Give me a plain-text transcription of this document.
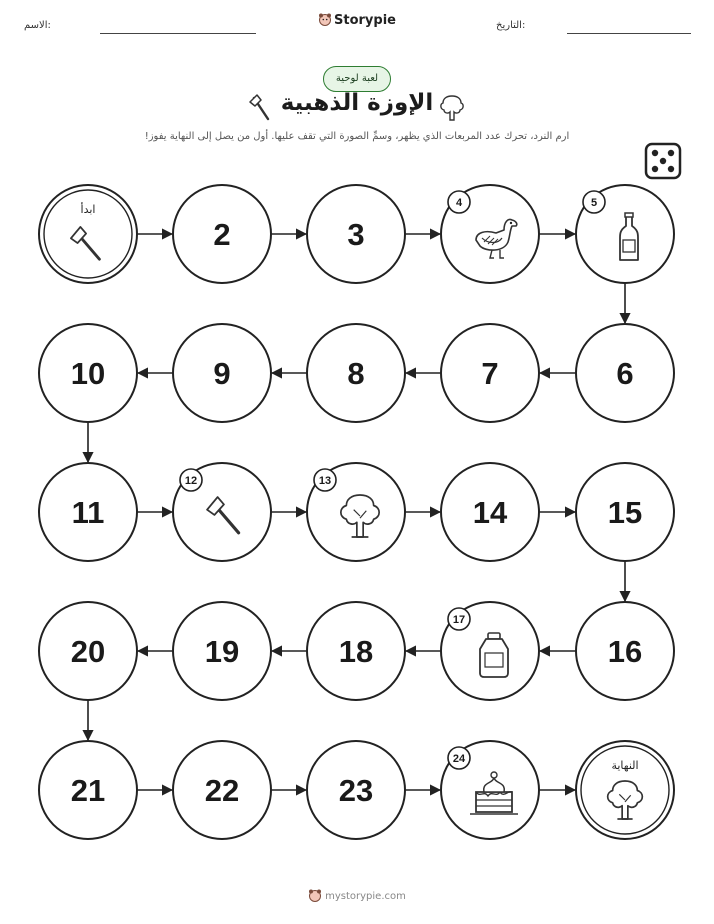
الاسم:	Storypie	التاريخ:
لعبة لوحية
الإوزة الذهبية
ارم النرد، تحرك عدد المربعات الذي يظهر، وسمِّ الصورة التي تقف عليها. أول من يصل إلى النهاية يفوز!
ابدأ
2	3
4	5
6
7
8
9
10
11
12	13
14	15
16
17
18
19
20
21	22	23
24	النهاية
mystorypie.com
